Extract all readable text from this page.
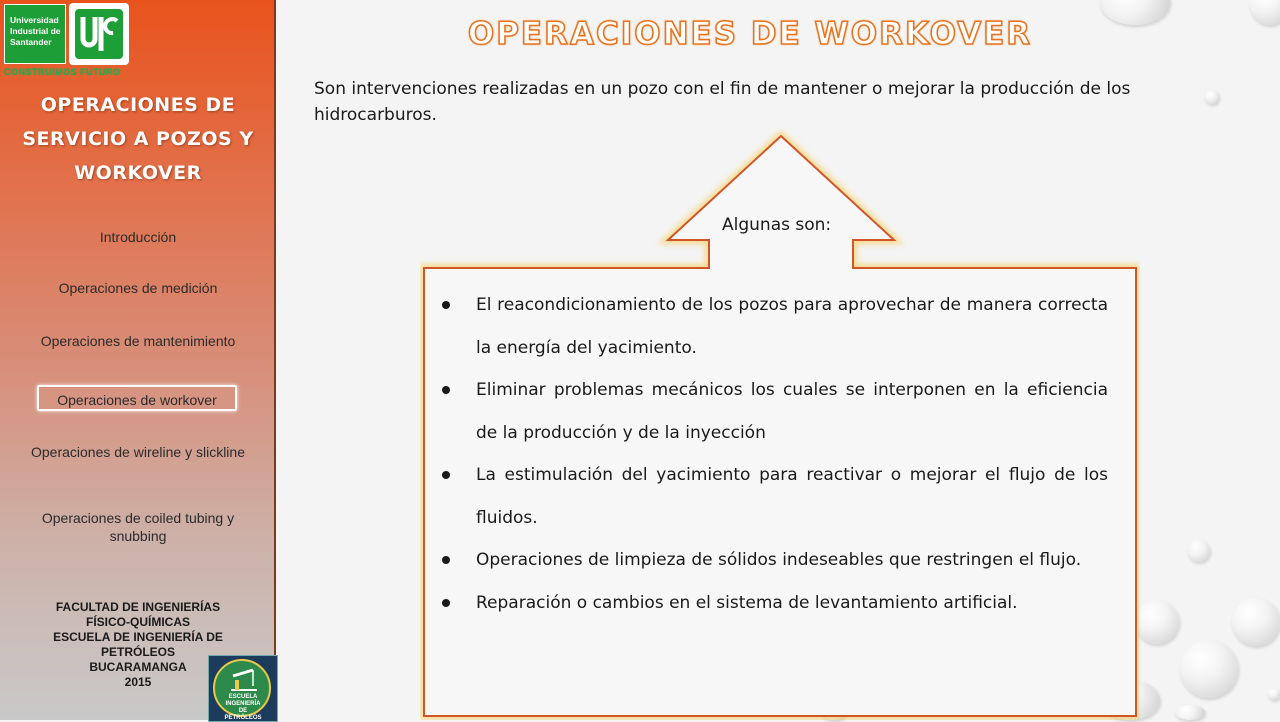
Universidad
Industrial de
Santander
CONSTRUIMOS FUTURO
OPERACIONES DE
SERVICIO A POZOS Y
WORKOVER
Introducción
Operaciones de medición
Operaciones de mantenimiento
Operaciones de workover
Operaciones de wireline y slickline
Operaciones de coiled tubing y snubbing
FACULTAD DE INGENIERÍAS
FÍSICO-QUÍMICAS
ESCUELA DE INGENIERÍA DE
PETRÓLEOS
BUCARAMANGA
2015
ESCUELA INGENIERÍA DE PETRÓLEOS
OPERACIONES DE WORKOVER
Son intervenciones realizadas en un pozo con el fin de mantener o mejorar la producción de los hidrocarburos.
Algunas son:
El reacondicionamiento de los pozos para aprovechar de manera correcta la energía del yacimiento.
Eliminar problemas mecánicos los cuales se interponen en la eficiencia de la producción y de la inyección
La estimulación del yacimiento para reactivar o mejorar el flujo de los fluidos.
Operaciones de limpieza de sólidos indeseables que restringen el flujo.
Reparación o cambios en el sistema de levantamiento artificial.
